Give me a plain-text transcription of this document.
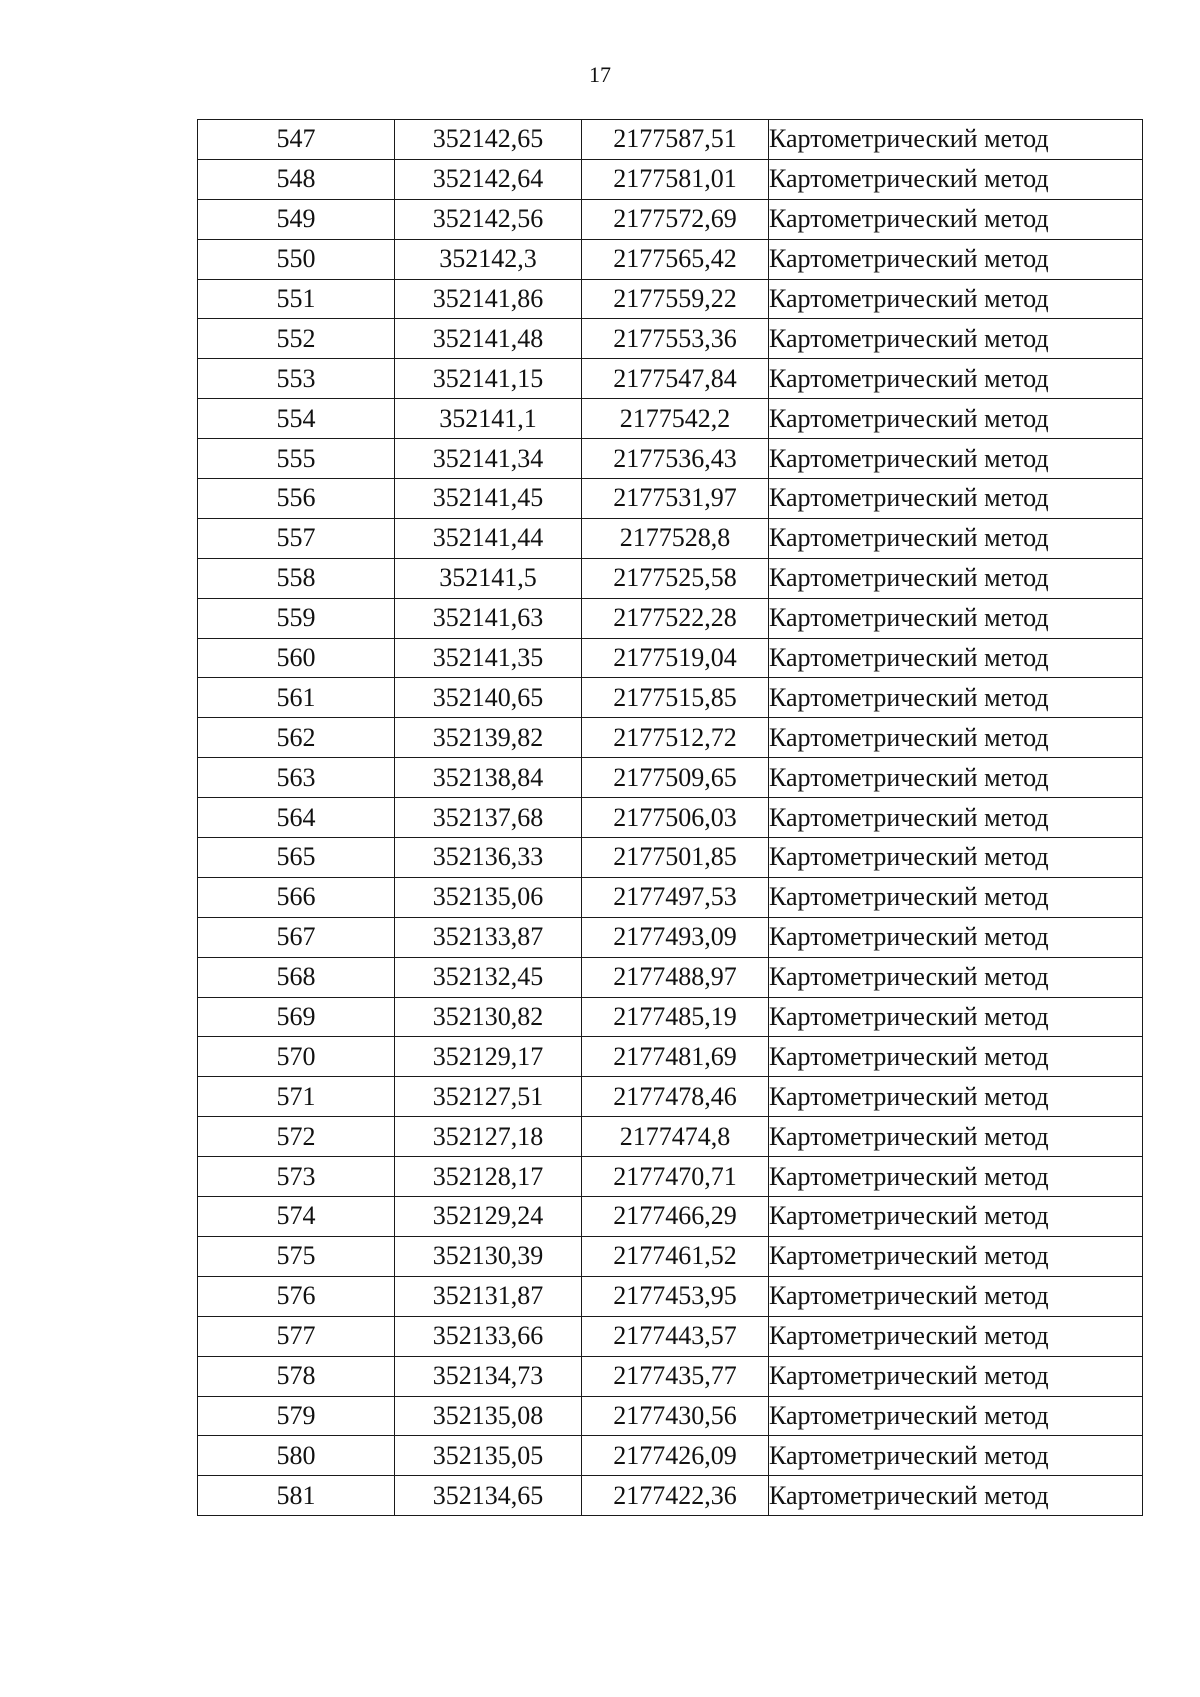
17
547	352142,65	2177587,51	Картометрический метод
548	352142,64	2177581,01	Картометрический метод
549	352142,56	2177572,69	Картометрический метод
550	352142,3	2177565,42	Картометрический метод
551	352141,86	2177559,22	Картометрический метод
552	352141,48	2177553,36	Картометрический метод
553	352141,15	2177547,84	Картометрический метод
554	352141,1	2177542,2	Картометрический метод
555	352141,34	2177536,43	Картометрический метод
556	352141,45	2177531,97	Картометрический метод
557	352141,44	2177528,8	Картометрический метод
558	352141,5	2177525,58	Картометрический метод
559	352141,63	2177522,28	Картометрический метод
560	352141,35	2177519,04	Картометрический метод
561	352140,65	2177515,85	Картометрический метод
562	352139,82	2177512,72	Картометрический метод
563	352138,84	2177509,65	Картометрический метод
564	352137,68	2177506,03	Картометрический метод
565	352136,33	2177501,85	Картометрический метод
566	352135,06	2177497,53	Картометрический метод
567	352133,87	2177493,09	Картометрический метод
568	352132,45	2177488,97	Картометрический метод
569	352130,82	2177485,19	Картометрический метод
570	352129,17	2177481,69	Картометрический метод
571	352127,51	2177478,46	Картометрический метод
572	352127,18	2177474,8	Картометрический метод
573	352128,17	2177470,71	Картометрический метод
574	352129,24	2177466,29	Картометрический метод
575	352130,39	2177461,52	Картометрический метод
576	352131,87	2177453,95	Картометрический метод
577	352133,66	2177443,57	Картометрический метод
578	352134,73	2177435,77	Картометрический метод
579	352135,08	2177430,56	Картометрический метод
580	352135,05	2177426,09	Картометрический метод
581	352134,65	2177422,36	Картометрический метод
